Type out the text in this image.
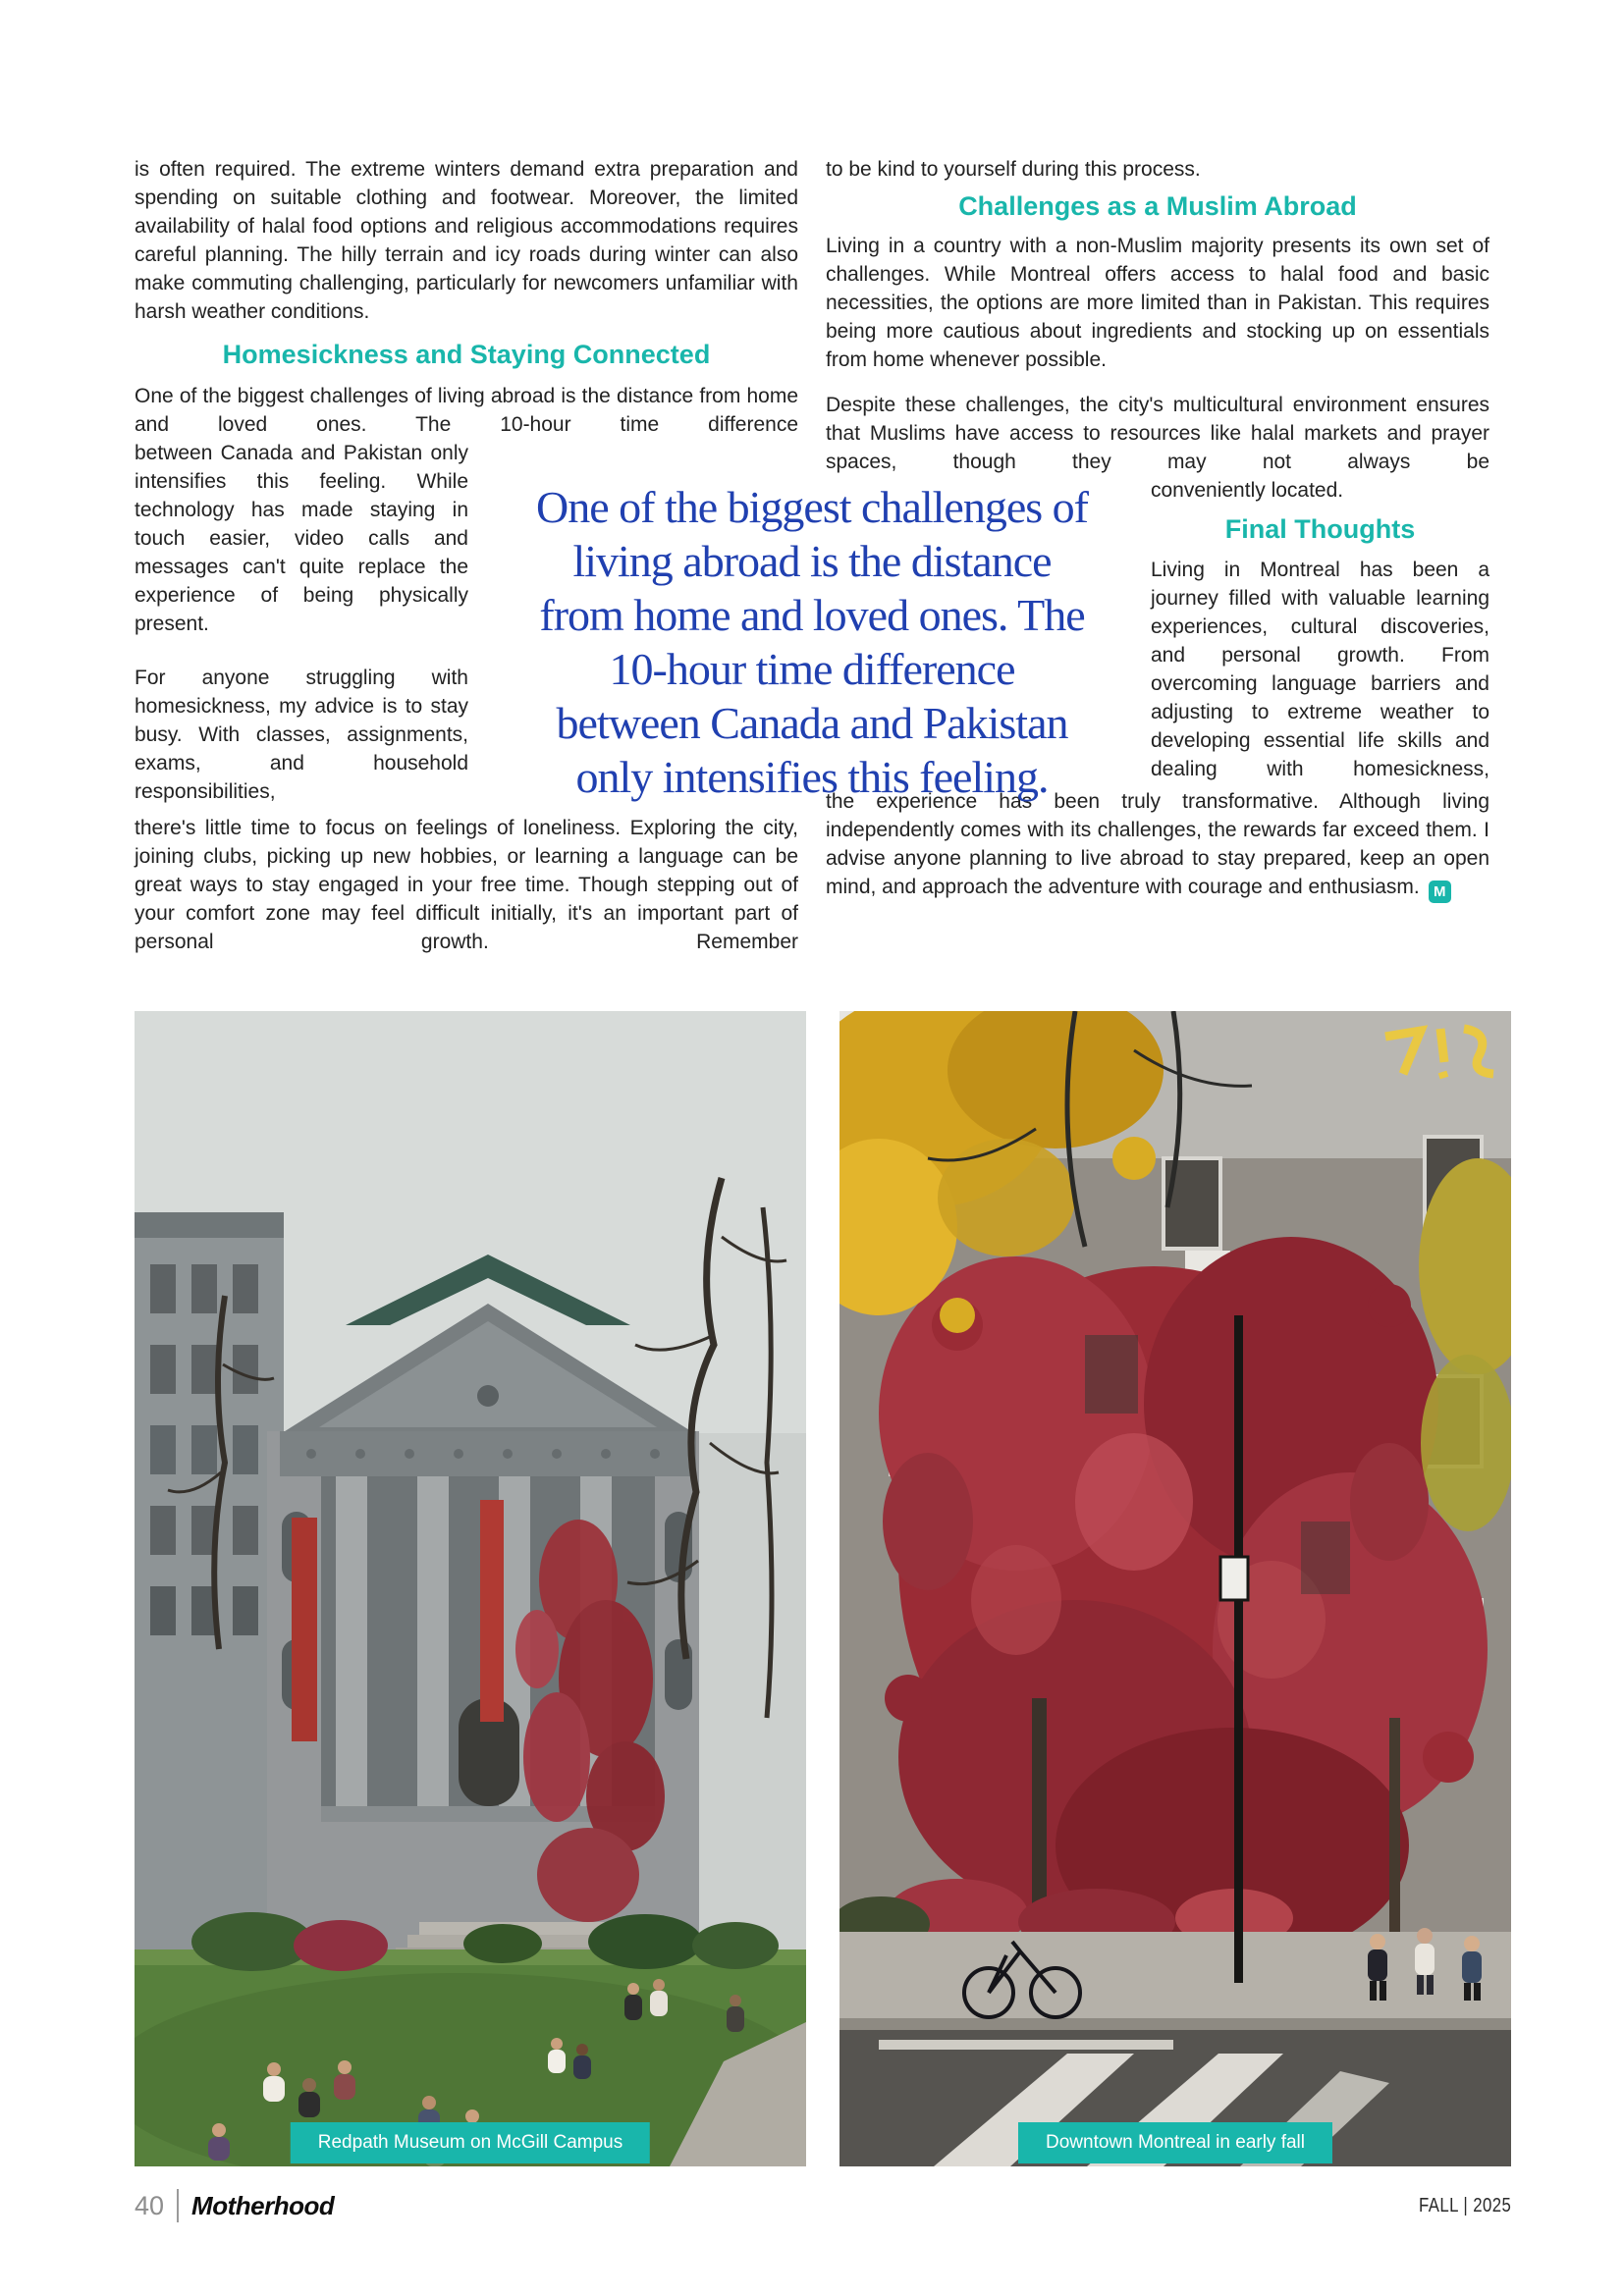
is often required. The extreme winters demand extra preparation and spending on suitable clothing and footwear. Moreover, the limited availability of halal food options and religious accommodations requires careful planning. The hilly terrain and icy roads during winter can also make commuting challenging, particularly for newcomers unfamiliar with harsh weather conditions.

Homesickness and Staying Connected

One of the biggest challenges of living abroad is the distance from home and loved ones. The 10-hour time difference

between Canada and Pakistan only intensifies this feeling. While technology has made staying in touch easier, video calls and messages can't quite replace the experience of being physically present.

For anyone struggling with homesickness, my advice is to stay busy. With classes, assignments, exams, and household responsibilities,

there's little time to focus on feelings of loneliness. Exploring the city, joining clubs, picking up new hobbies, or learning a language can be great ways to stay engaged in your free time. Though stepping out of your comfort zone may feel difficult initially, it's an important part of personal growth. Remember

to be kind to yourself during this process.

Challenges as a Muslim Abroad

Living in a country with a non-Muslim majority presents its own set of challenges. While Montreal offers access to halal food and basic necessities, the options are more limited than in Pakistan. This requires being more cautious about ingredients and stocking up on essentials from home whenever possible.

Despite these challenges, the city's multicultural environment ensures that Muslims have access to resources like halal markets and prayer spaces, though they may not always be

conveniently located.

Final Thoughts

Living in Montreal has been a journey filled with valuable learning experiences, cultural discoveries, and personal growth. From overcoming language barriers and adjusting to extreme weather to developing essential life skills and dealing with homesickness,

the experience has been truly transformative. Although living independently comes with its challenges, the rewards far exceed them. I advise anyone planning to live abroad to stay prepared, keep an open mind, and approach the adventure with courage and enthusiasm. M

One of the biggest challenges of
living abroad is the distance
from home and loved ones. The
10-hour time difference
between Canada and Pakistan
only intensifies this feeling.
Redpath Museum on McGill Campus	Downtown Montreal in early fall
40 Motherhood	FALL | 2025
